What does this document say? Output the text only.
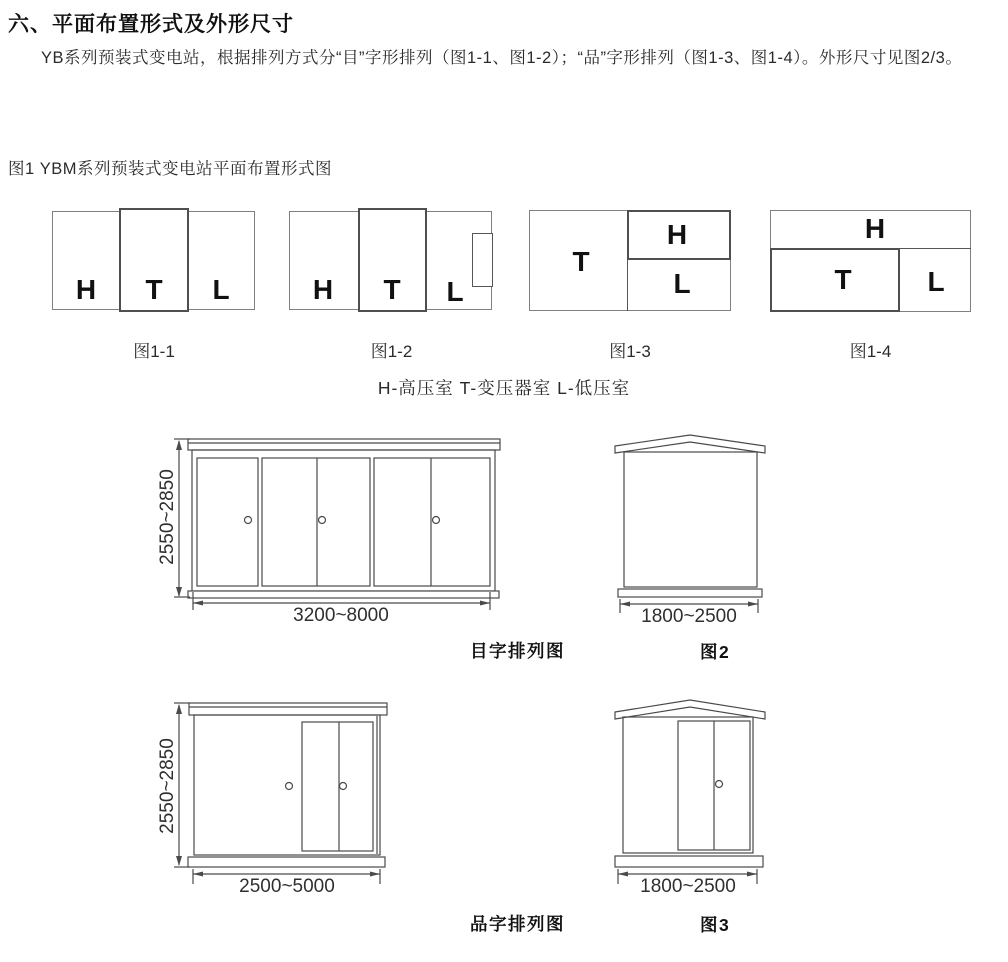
六、平面布置形式及外形尺寸
YB系列预装式变电站，根据排列方式分“目”字形排列（图1-1、图1-2）；“品”字形排列（图1-3、图1-4）。外形尺寸见图2/3。
图1 YBM系列预装式变电站平面布置形式图
H T L
图1-1
H T L
图1-2
T
H
L
图1-3
H
T	L
图1-4
H-高压室 T-变压器室 L-低压室
2550~2850
3200~8000
目字排列图
1800~2500
图2
2550~2850
2500~5000
品字排列图
1800~2500
图3
